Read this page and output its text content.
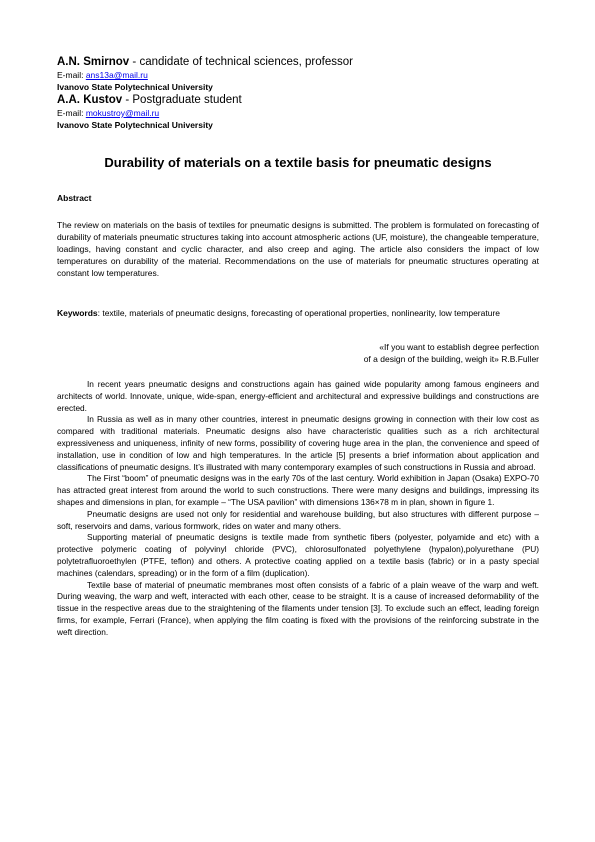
A.N. Smirnov - candidate of technical sciences, professor
E-mail: ans13a@mail.ru
Ivanovo State Polytechnical University
A.A. Kustov - Postgraduate student
E-mail: mokustroy@mail.ru
Ivanovo State Polytechnical University
Durability of materials on a textile basis for pneumatic designs
Abstract

The review on materials on the basis of textiles for pneumatic designs is submitted. The problem is formulated on forecasting of durability of materials pneumatic structures taking into account atmospheric actions (UF, moisture), the changeable temperature, loadings, having constant and cyclic character, and also creep and aging. The article also considers the impact of low temperatures on durability of the material. Recommendations on the use of materials for pneumatic structures operating at constant low temperatures.

Keywords: textile, materials of pneumatic designs, forecasting of operational properties, nonlinearity, low temperature

«If you want to establish degree perfection
of a design of the building, weigh it» R.B.Fuller

In recent years pneumatic designs and constructions again has gained wide popularity among famous engineers and architects of world. Innovate, unique, wide-span, energy-efficient and architectural and expressive buildings and constructions are erected.

In Russia as well as in many other countries, interest in pneumatic designs growing in connection with their low cost as compared with traditional materials. Pneumatic designs also have characteristic qualities such as a rich architectural expressiveness and uniqueness, infinity of new forms, possibility of covering huge area in the plan, the convenience and speed of installation, use in condition of low and high temperatures. In the article [5] presents a brief information about application and classifications of pneumatic designs. It’s illustrated with many contemporary examples of such constructions in Russia and abroad.

The First “boom” of pneumatic designs was in the early 70s of the last century. World exhibition in Japan (Osaka) EXPO-70 has attracted great interest from around the world to such constructions. There were many designs and buildings, impressing its shapes and dimensions in plan, for example – “The USA pavilion” with dimensions 136×78 m in plan, shown in figure 1.

Pneumatic designs are used not only for residential and warehouse building, but also structures with different purpose – soft, reservoirs and dams, various formwork, rides on water and many others.

Supporting material of pneumatic designs is textile made from synthetic fibers (polyester, polyamide and etc) with a protective polymeric coating of polyvinyl chloride (PVC), chlorosulfonated polyethylene (hypalon),polyurethane (PU) polytetrafluoroethylen (PTFE, teflon) and others. A protective coating applied on a textile basis (fabric) or in a pasty special machines (calendars, spreading) or in the form of a film (duplication).

Textile base of material of pneumatic membranes most often consists of a fabric of a plain weave of the warp and weft. During weaving, the warp and weft, interacted with each other, cease to be straight. It is a cause of increased deformability of the tissue in the respective areas due to the straightening of the filaments under tension [3]. To exclude such an effect, leading foreign firms, for example, Ferrari (France), when applying the film coating is fixed with the provisions of the reinforcing substrate in the weft direction.
